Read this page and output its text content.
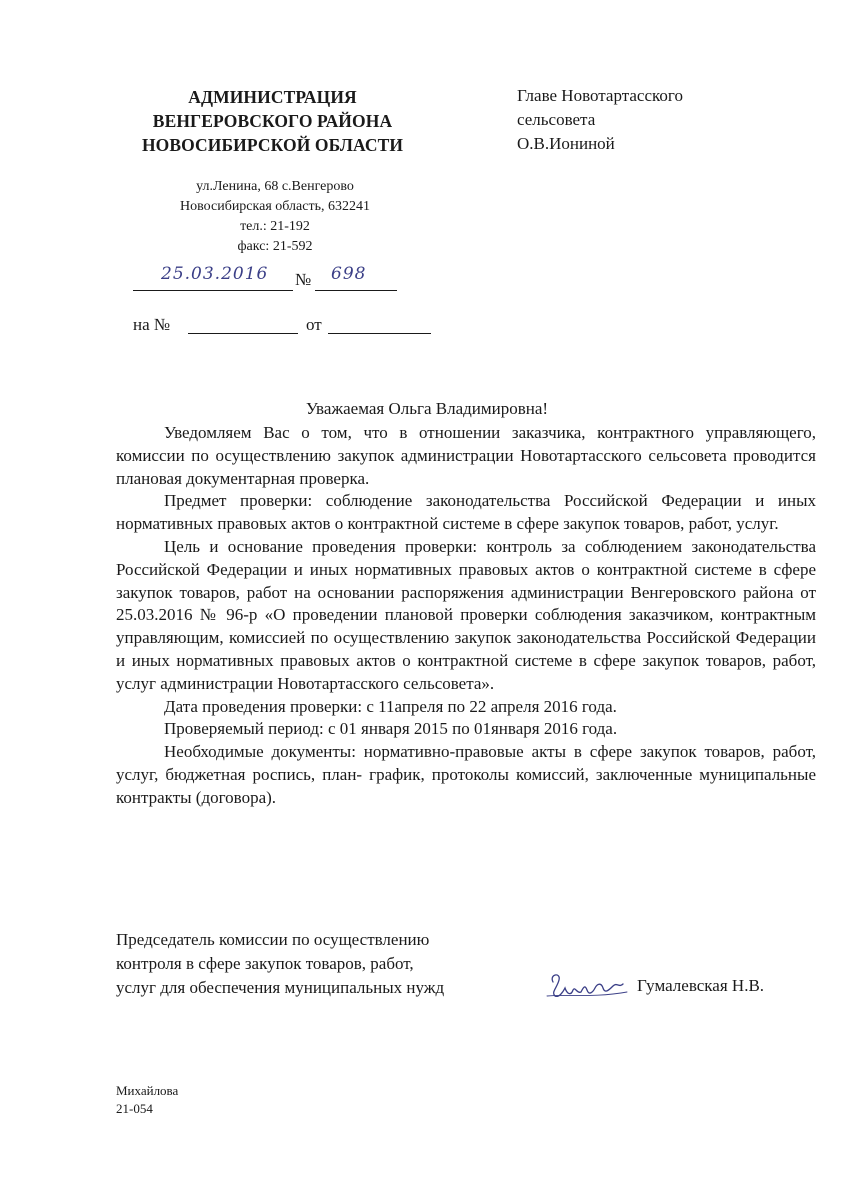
АДМИНИСТРАЦИЯ
ВЕНГЕРОВСКОГО РАЙОНА
НОВОСИБИРСКОЙ ОБЛАСТИ
ул.Ленина, 68 с.Венгерово
Новосибирская область, 632241
тел.: 21-192
факс: 21-592
Главе Новотартасского
сельсовета
О.В.Иониной
25.03.2016 № 698
на №	от
Уважаемая Ольга Владимировна!

Уведомляем Вас о том, что в отношении заказчика, контрактного управляющего, комиссии по осуществлению закупок администрации Новотартасского сельсовета проводится плановая документарная проверка.

Предмет проверки: соблюдение законодательства Российской Федерации и иных нормативных правовых актов о контрактной системе в сфере закупок товаров, работ, услуг.

Цель и основание проведения проверки: контроль за соблюдением законодательства Российской Федерации и иных нормативных правовых актов о контрактной системе в сфере закупок товаров, работ на основании распоряжения администрации Венгеровского района от 25.03.2016 № 96-р «О проведении плановой проверки соблюдения заказчиком, контрактным управляющим, комиссией по осуществлению закупок законодательства Российской Федерации и иных нормативных правовых актов о контрактной системе в сфере закупок товаров, работ, услуг администрации Новотартасского сельсовета».

Дата проведения проверки: с 11апреля по 22 апреля 2016 года.

Проверяемый период: с 01 января 2015 по 01января 2016 года.

Необходимые документы: нормативно-правовые акты в сфере закупок товаров, работ, услуг, бюджетная роспись, план- график, протоколы комиссий, заключенные муниципальные контракты (договора).

Председатель комиссии по осуществлению
контроля в сфере закупок товаров, работ,
услуг для обеспечения муниципальных нужд	Гумалевская Н.В.
Михайлова
21-054
